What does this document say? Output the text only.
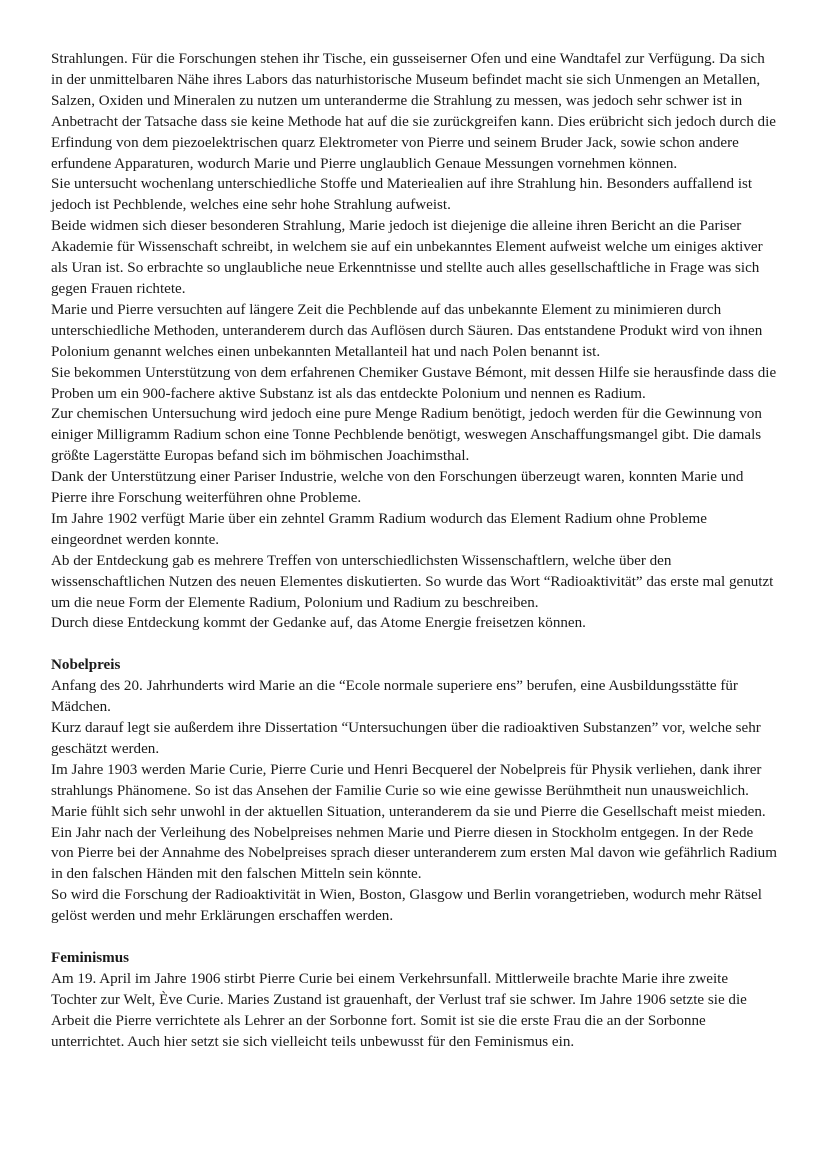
Strahlungen. Für die Forschungen stehen ihr Tische, ein gusseiserner Ofen und eine Wandtafel zur Verfügung. Da sich in der unmittelbaren Nähe ihres Labors das naturhistorische Museum befindet macht sie sich Unmengen an Metallen, Salzen, Oxiden und Mineralen zu nutzen um unteranderme die Strahlung zu messen, was jedoch sehr schwer ist in Anbetracht der Tatsache dass sie keine Methode hat auf die sie zurückgreifen kann. Dies erübricht sich jedoch durch die Erfindung von dem piezoelektrischen quarz Elektrometer von Pierre und seinem Bruder Jack, sowie schon andere erfundene Apparaturen, wodurch Marie und Pierre unglaublich Genaue Messungen vornehmen können.

Sie untersucht wochenlang unterschiedliche Stoffe und Materiealien auf ihre Strahlung hin. Besonders auffallend ist jedoch ist Pechblende, welches eine sehr hohe Strahlung aufweist.

Beide widmen sich dieser besonderen Strahlung, Marie jedoch ist diejenige die alleine ihren Bericht an die Pariser Akademie für Wissenschaft schreibt, in welchem sie auf ein unbekanntes Element aufweist welche um einiges aktiver als Uran ist. So erbrachte so unglaubliche neue Erkenntnisse und stellte auch alles gesellschaftliche in Frage was sich gegen Frauen richtete.

Marie und Pierre versuchten auf längere Zeit die Pechblende auf das unbekannte Element zu minimieren durch unterschiedliche Methoden, unteranderem durch das Auflösen durch Säuren. Das entstandene Produkt wird von ihnen Polonium genannt welches einen unbekannten Metallanteil hat und nach Polen benannt ist.

Sie bekommen Unterstützung von dem erfahrenen Chemiker Gustave Bémont, mit dessen Hilfe sie herausfinde dass die Proben um ein 900-fachere aktive Substanz ist als das entdeckte Polonium und nennen es Radium.

Zur chemischen Untersuchung wird jedoch eine pure Menge Radium benötigt, jedoch werden für die Gewinnung von einiger Milligramm Radium schon eine Tonne Pechblende benötigt, weswegen Anschaffungsmangel gibt. Die damals größte Lagerstätte Europas befand sich im böhmischen Joachimsthal.

Dank der Unterstützung einer Pariser Industrie, welche von den Forschungen überzeugt waren, konnten Marie und Pierre ihre Forschung weiterführen ohne Probleme.

Im Jahre 1902 verfügt Marie über ein zehntel Gramm Radium wodurch das Element Radium ohne Probleme eingeordnet werden konnte.

Ab der Entdeckung gab es mehrere Treffen von unterschiedlichsten Wissenschaftlern, welche über den wissenschaftlichen Nutzen des neuen Elementes diskutierten. So wurde das Wort “Radioaktivität” das erste mal genutzt um die neue Form der Elemente Radium, Polonium und Radium zu beschreiben.

Durch diese Entdeckung kommt der Gedanke auf, das Atome Energie freisetzen können.

Nobelpreis

Anfang des 20. Jahrhunderts wird Marie an die “Ecole normale superiere ens” berufen, eine Ausbildungsstätte für Mädchen.

Kurz darauf legt sie außerdem ihre Dissertation “Untersuchungen über die radioaktiven Substanzen” vor, welche sehr geschätzt werden.

Im Jahre 1903 werden Marie Curie, Pierre Curie und Henri Becquerel der Nobelpreis für Physik verliehen, dank ihrer strahlungs Phänomene. So ist das Ansehen der Familie Curie so wie eine gewisse Berühmtheit nun unausweichlich. Marie fühlt sich sehr unwohl in der aktuellen Situation, unteranderem da sie und Pierre die Gesellschaft meist mieden. Ein Jahr nach der Verleihung des Nobelpreises nehmen Marie und Pierre diesen in Stockholm entgegen. In der Rede von Pierre bei der Annahme des Nobelpreises sprach dieser unteranderem zum ersten Mal davon wie gefährlich Radium in den falschen Händen mit den falschen Mitteln sein könnte.

So wird die Forschung der Radioaktivität in Wien, Boston, Glasgow und Berlin vorangetrieben, wodurch mehr Rätsel gelöst werden und mehr Erklärungen erschaffen werden.

Feminismus

Am 19. April im Jahre 1906 stirbt Pierre Curie bei einem Verkehrsunfall. Mittlerweile brachte Marie ihre zweite Tochter zur Welt, Ève Curie. Maries Zustand ist grauenhaft, der Verlust traf sie schwer. Im Jahre 1906 setzte sie die Arbeit die Pierre verrichtete als Lehrer an der Sorbonne fort. Somit ist sie die erste Frau die an der Sorbonne unterrichtet. Auch hier setzt sie sich vielleicht teils unbewusst für den Feminismus ein.
